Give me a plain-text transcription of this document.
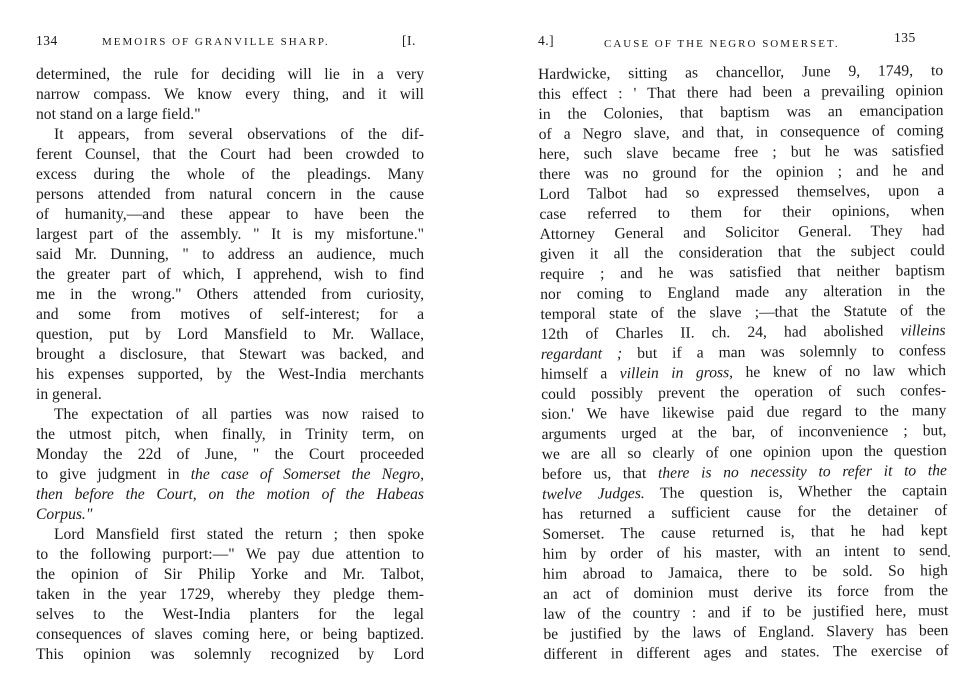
134	MEMOIRS OF GRANVILLE SHARP.	[I.
determined, the rule for deciding will lie in a very
narrow compass. We know every thing, and it will
not stand on a large field."
It appears, from several observations of the dif-
ferent Counsel, that the Court had been crowded to
excess during the whole of the pleadings. Many
persons attended from natural concern in the cause
of humanity,—and these appear to have been the
largest part of the assembly. " It is my misfortune."
said Mr. Dunning, " to address an audience, much
the greater part of which, I apprehend, wish to find
me in the wrong." Others attended from curiosity,
and some from motives of self-interest; for a
question, put by Lord Mansfield to Mr. Wallace,
brought a disclosure, that Stewart was backed, and
his expenses supported, by the West-India merchants
in general.
The expectation of all parties was now raised to
the utmost pitch, when finally, in Trinity term, on
Monday the 22d of June, " the Court proceeded
to give judgment in the case of Somerset the Negro,
then before the Court, on the motion of the Habeas
Corpus."
Lord Mansfield first stated the return ; then spoke
to the following purport:—" We pay due attention to
the opinion of Sir Philip Yorke and Mr. Talbot,
taken in the year 1729, whereby they pledge them-
selves to the West-India planters for the legal
consequences of slaves coming here, or being baptized.
This opinion was solemnly recognized by Lord
4.]	CAUSE OF THE NEGRO SOMERSET.	135
Hardwicke, sitting as chancellor, June 9, 1749, to
this effect : ' That there had been a prevailing opinion
in the Colonies, that baptism was an emancipation
of a Negro slave, and that, in consequence of coming
here, such slave became free ; but he was satisfied
there was no ground for the opinion ; and he and
Lord Talbot had so expressed themselves, upon a
case referred to them for their opinions, when
Attorney General and Solicitor General. They had
given it all the consideration that the subject could
require ; and he was satisfied that neither baptism
nor coming to England made any alteration in the
temporal state of the slave ;—that the Statute of the
12th of Charles II. ch. 24, had abolished villeins
regardant ; but if a man was solemnly to confess
himself a villein in gross, he knew of no law which
could possibly prevent the operation of such confes-
sion.' We have likewise paid due regard to the many
arguments urged at the bar, of inconvenience ; but,
we are all so clearly of one opinion upon the question
before us, that there is no necessity to refer it to the
twelve Judges. The question is, Whether the captain
has returned a sufficient cause for the detainer of
Somerset. The cause returned is, that he had kept
him by order of his master, with an intent to send
him abroad to Jamaica, there to be sold. So high
an act of dominion must derive its force from the
law of the country : and if to be justified here, must
be justified by the laws of England. Slavery has been
different in different ages and states. The exercise of
